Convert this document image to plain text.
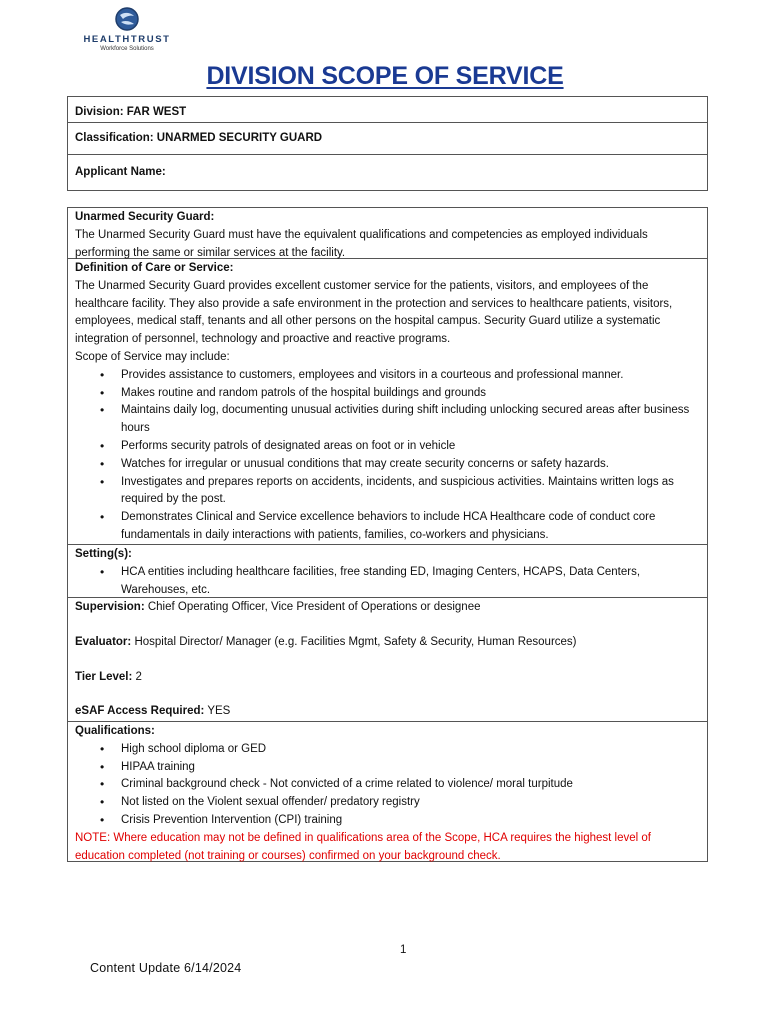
HEALTHTRUST
Workforce Solutions
DIVISION SCOPE OF SERVICE
Division: FAR WEST
Classification: UNARMED SECURITY GUARD
Applicant Name:
Unarmed Security Guard:

The Unarmed Security Guard must have the equivalent qualifications and competencies as employed individuals performing the same or similar services at the facility.

Definition of Care or Service:

The Unarmed Security Guard provides excellent customer service for the patients, visitors, and employees of the healthcare facility. They also provide a safe environment in the protection and services to healthcare patients, visitors, employees, medical staff, tenants and all other persons on the hospital campus. Security Guard utilize a systematic integration of personnel, technology and proactive and reactive programs.

Scope of Service may include:
• Provides assistance to customers, employees and visitors in a courteous and professional manner.
• Makes routine and random patrols of the hospital buildings and grounds
• Maintains daily log, documenting unusual activities during shift including unlocking secured areas after business hours
• Performs security patrols of designated areas on foot or in vehicle
• Watches for irregular or unusual conditions that may create security concerns or safety hazards.
• Investigates and prepares reports on accidents, incidents, and suspicious activities. Maintains written logs as required by the post.
• Demonstrates Clinical and Service excellence behaviors to include HCA Healthcare code of conduct core fundamentals in daily interactions with patients, families, co-workers and physicians.
Setting(s):
• HCA entities including healthcare facilities, free standing ED, Imaging Centers, HCAPS, Data Centers, Warehouses, etc.
Supervision: Chief Operating Officer, Vice President of Operations or designee
Evaluator: Hospital Director/ Manager (e.g. Facilities Mgmt, Safety & Security, Human Resources)
Tier Level: 2
eSAF Access Required: YES
Qualifications:
• High school diploma or GED
• HIPAA training
• Criminal background check - Not convicted of a crime related to violence/ moral turpitude
• Not listed on the Violent sexual offender/ predatory registry
• Crisis Prevention Intervention (CPI) training

NOTE: Where education may not be defined in qualifications area of the Scope, HCA requires the highest level of education completed (not training or courses) confirmed on your background check.

1
Content Update 6/14/2024
